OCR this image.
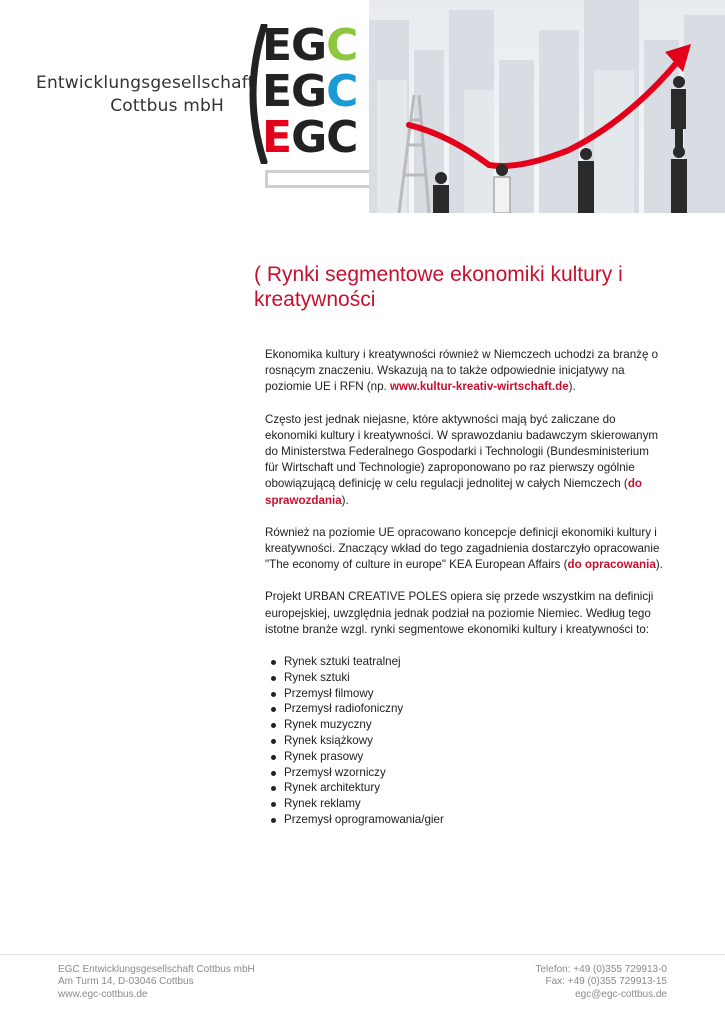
Entwicklungsgesellschaft
Cottbus mbH
EGC
EGC
EGC
( Rynki segmentowe ekonomiki kultury i kreatywności

Ekonomika kultury i kreatywności również w Niemczech uchodzi za branżę o rosnącym znaczeniu. Wskazują na to także odpowiednie inicjatywy na poziomie UE i RFN (np. www.kultur-kreativ-wirtschaft.de).

Często jest jednak niejasne, które aktywności mają być zaliczane do ekonomiki kultury i kreatywności. W sprawozdaniu badawczym skierowanym do Ministerstwa Federalnego Gospodarki i Technologii (Bundesministerium für Wirtschaft und Technologie) zaproponowano po raz pierwszy ogólnie obowiązującą definicję w celu regulacji jednolitej w całych Niemczech (do sprawozdania).

Również na poziomie UE opracowano koncepcje definicji ekonomiki kultury i kreatywności. Znaczący wkład do tego zagadnienia dostarczyło opracowanie "The economy of culture in europe" KEA European Affairs (do opracowania).

Projekt URBAN CREATIVE POLES opiera się przede wszystkim na definicji europejskiej, uwzględnia jednak podział na poziomie Niemiec. Według tego istotne branże wzgl. rynki segmentowe ekonomiki kultury i kreatywności to:

Rynek sztuki teatralnej
Rynek sztuki
Przemysł filmowy
Przemysł radiofoniczny
Rynek muzyczny
Rynek książkowy
Rynek prasowy
Przemysł wzorniczy
Rynek architektury
Rynek reklamy
Przemysł oprogramowania/gier
EGC Entwicklungsgesellschaft Cottbus mbH
Am Turm 14, D-03046 Cottbus
www.egc-cottbus.de
Telefon: +49 (0)355 729913-0
Fax: +49 (0)355 729913-15
egc@egc-cottbus.de
